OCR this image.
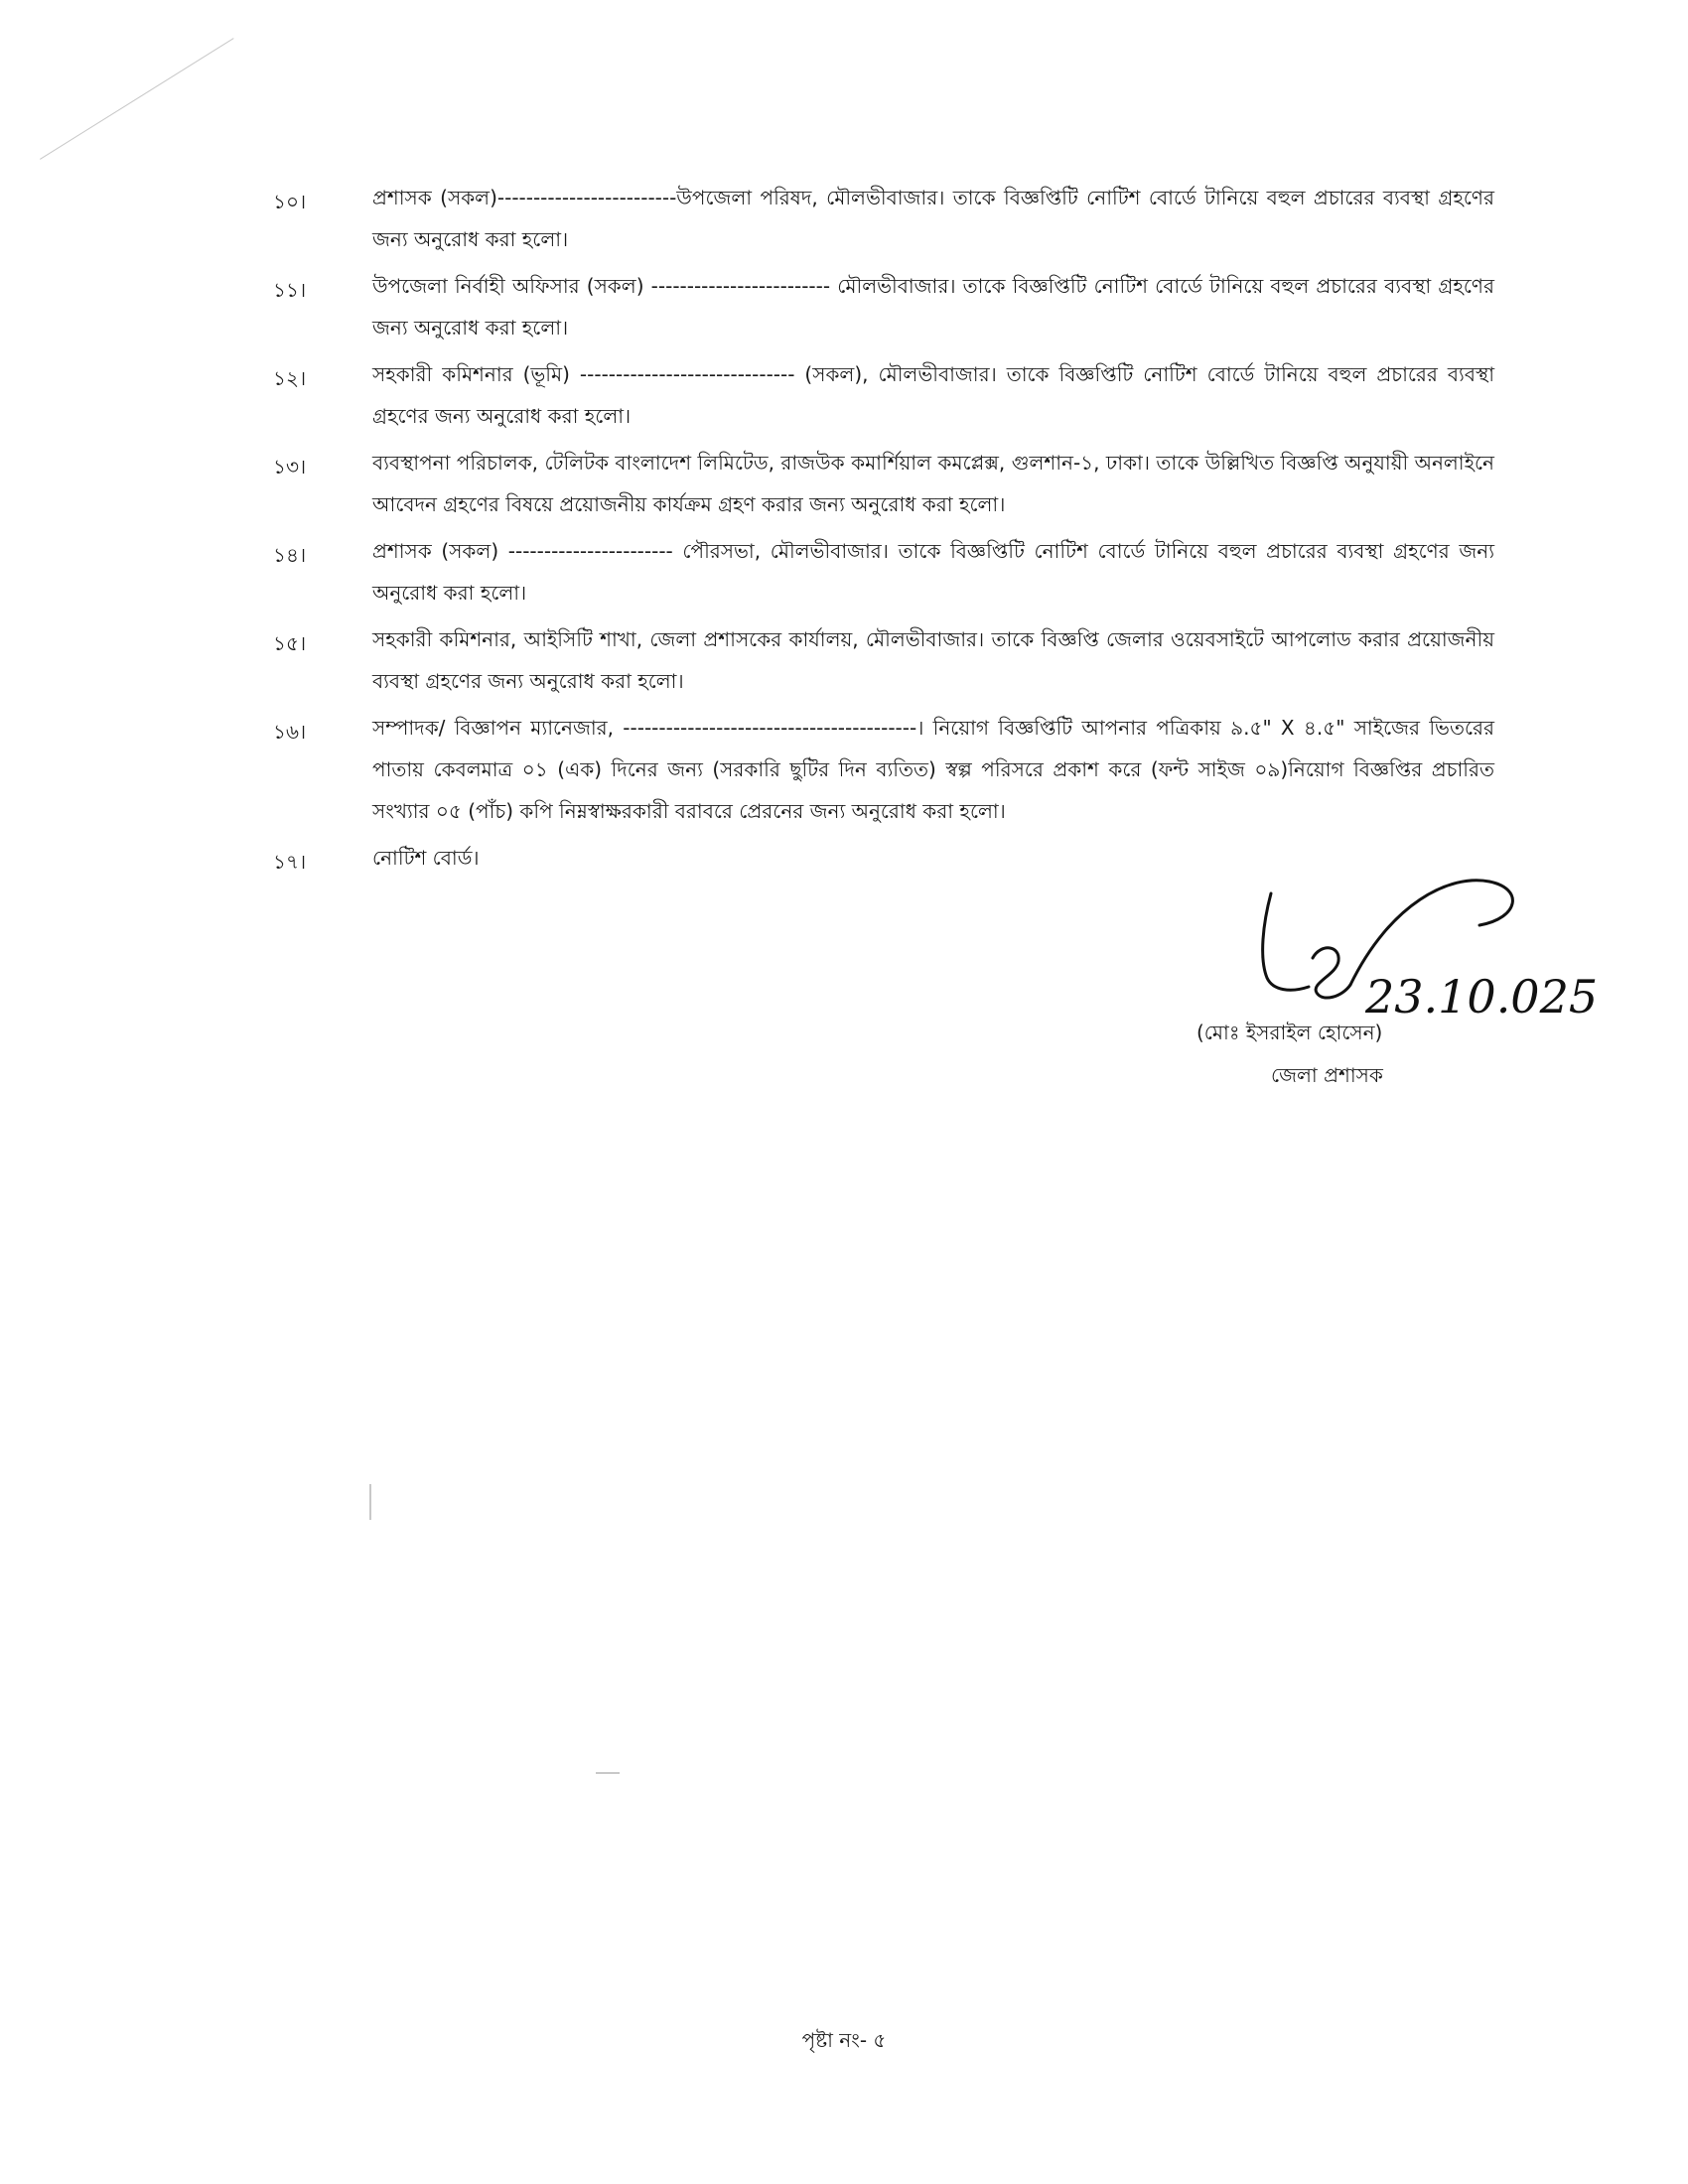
১০।	প্রশাসক (সকল)-------------------------উপজেলা পরিষদ, মৌলভীবাজার। তাকে বিজ্ঞপ্তিটি নোটিশ বোর্ডে টানিয়ে বহুল প্রচারের ব্যবস্থা গ্রহণের জন্য অনুরোধ করা হলো।
১১।	উপজেলা নির্বাহী অফিসার (সকল) ------------------------- মৌলভীবাজার। তাকে বিজ্ঞপ্তিটি নোটিশ বোর্ডে টানিয়ে বহুল প্রচারের ব্যবস্থা গ্রহণের জন্য অনুরোধ করা হলো।
১২।	সহকারী কমিশনার (ভূমি) ------------------------------ (সকল), মৌলভীবাজার। তাকে বিজ্ঞপ্তিটি নোটিশ বোর্ডে টানিয়ে বহুল প্রচারের ব্যবস্থা গ্রহণের জন্য অনুরোধ করা হলো।
১৩।	ব্যবস্থাপনা পরিচালক, টেলিটক বাংলাদেশ লিমিটেড, রাজউক কমার্শিয়াল কমপ্লেক্স, গুলশান-১, ঢাকা। তাকে উল্লিখিত বিজ্ঞপ্তি অনুযায়ী অনলাইনে আবেদন গ্রহণের বিষয়ে প্রয়োজনীয় কার্যক্রম গ্রহণ করার জন্য অনুরোধ করা হলো।
১৪।	প্রশাসক (সকল) ----------------------- পৌরসভা, মৌলভীবাজার। তাকে বিজ্ঞপ্তিটি নোটিশ বোর্ডে টানিয়ে বহুল প্রচারের ব্যবস্থা গ্রহণের জন্য অনুরোধ করা হলো।
১৫।	সহকারী কমিশনার, আইসিটি শাখা, জেলা প্রশাসকের কার্যালয়, মৌলভীবাজার। তাকে বিজ্ঞপ্তি জেলার ওয়েবসাইটে আপলোড করার প্রয়োজনীয় ব্যবস্থা গ্রহণের জন্য অনুরোধ করা হলো।
১৬।	সম্পাদক/ বিজ্ঞাপন ম্যানেজার, -----------------------------------------। নিয়োগ বিজ্ঞপ্তিটি আপনার পত্রিকায় ৯.৫" X ৪.৫" সাইজের ভিতরের পাতায় কেবলমাত্র ০১ (এক) দিনের জন্য (সরকারি ছুটির দিন ব্যতিত) স্বল্প পরিসরে প্রকাশ করে (ফন্ট সাইজ ০৯)নিয়োগ বিজ্ঞপ্তির প্রচারিত সংখ্যার ০৫ (পাঁচ) কপি নিম্নস্বাক্ষরকারী বরাবরে প্রেরনের জন্য অনুরোধ করা হলো।
১৭।	নোটিশ বোর্ড।
23.10.025
(মোঃ ইসরাইল হোসেন)
জেলা প্রশাসক
পৃষ্টা নং- ৫
